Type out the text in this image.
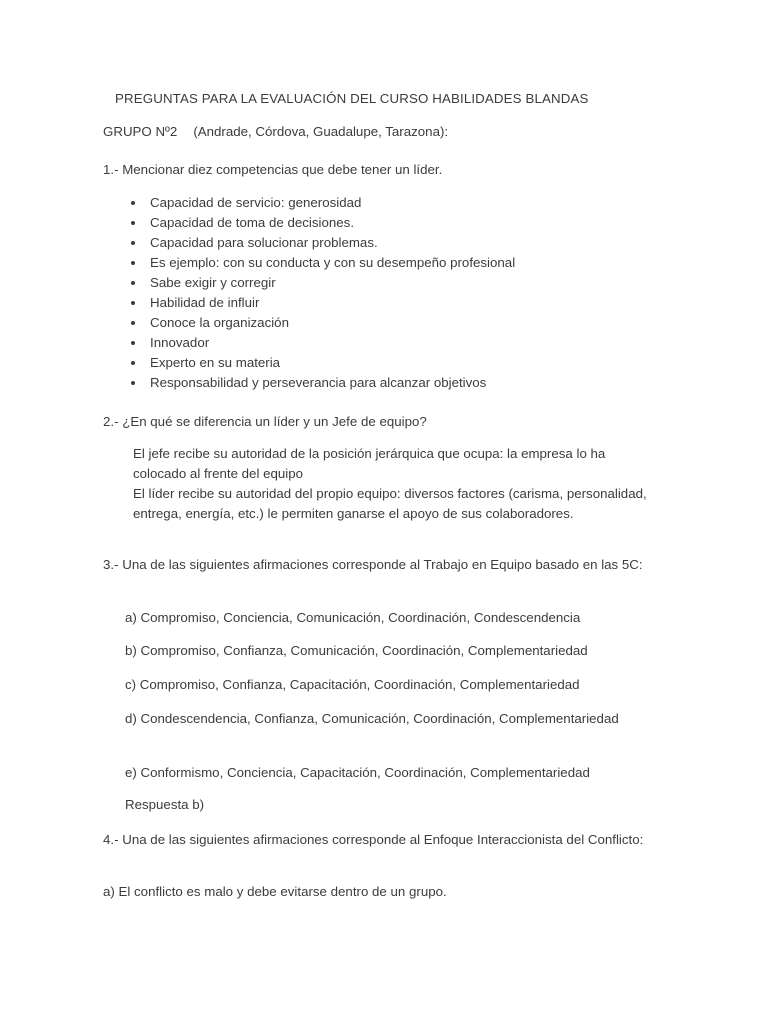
PREGUNTAS PARA LA EVALUACIÓN DEL CURSO HABILIDADES BLANDAS
GRUPO Nº2 (Andrade, Córdova, Guadalupe, Tarazona):
1.- Mencionar diez competencias que debe tener un líder.
Capacidad de servicio: generosidad
Capacidad de toma de decisiones.
Capacidad para solucionar problemas.
Es ejemplo: con su conducta y con su desempeño profesional
Sabe exigir y corregir
Habilidad de influir
Conoce la organización
Innovador
Experto en su materia
Responsabilidad y perseverancia para alcanzar objetivos
2.- ¿En qué se diferencia un líder y un Jefe de equipo?

El jefe recibe su autoridad de la posición jerárquica que ocupa: la empresa lo ha colocado al frente del equipo

El líder recibe su autoridad del propio equipo: diversos factores (carisma, personalidad, entrega, energía, etc.) le permiten ganarse el apoyo de sus colaboradores.

3.- Una de las siguientes afirmaciones corresponde al Trabajo en Equipo basado en las 5C:
a) Compromiso, Conciencia, Comunicación, Coordinación, Condescendencia
b) Compromiso, Confianza, Comunicación, Coordinación, Complementariedad
c) Compromiso, Confianza, Capacitación, Coordinación, Complementariedad
d) Condescendencia, Confianza, Comunicación, Coordinación, Complementariedad
e) Conformismo, Conciencia, Capacitación, Coordinación, Complementariedad
Respuesta b)
4.- Una de las siguientes afirmaciones corresponde al Enfoque Interaccionista del Conflicto:
a) El conflicto es malo y debe evitarse dentro de un grupo.
